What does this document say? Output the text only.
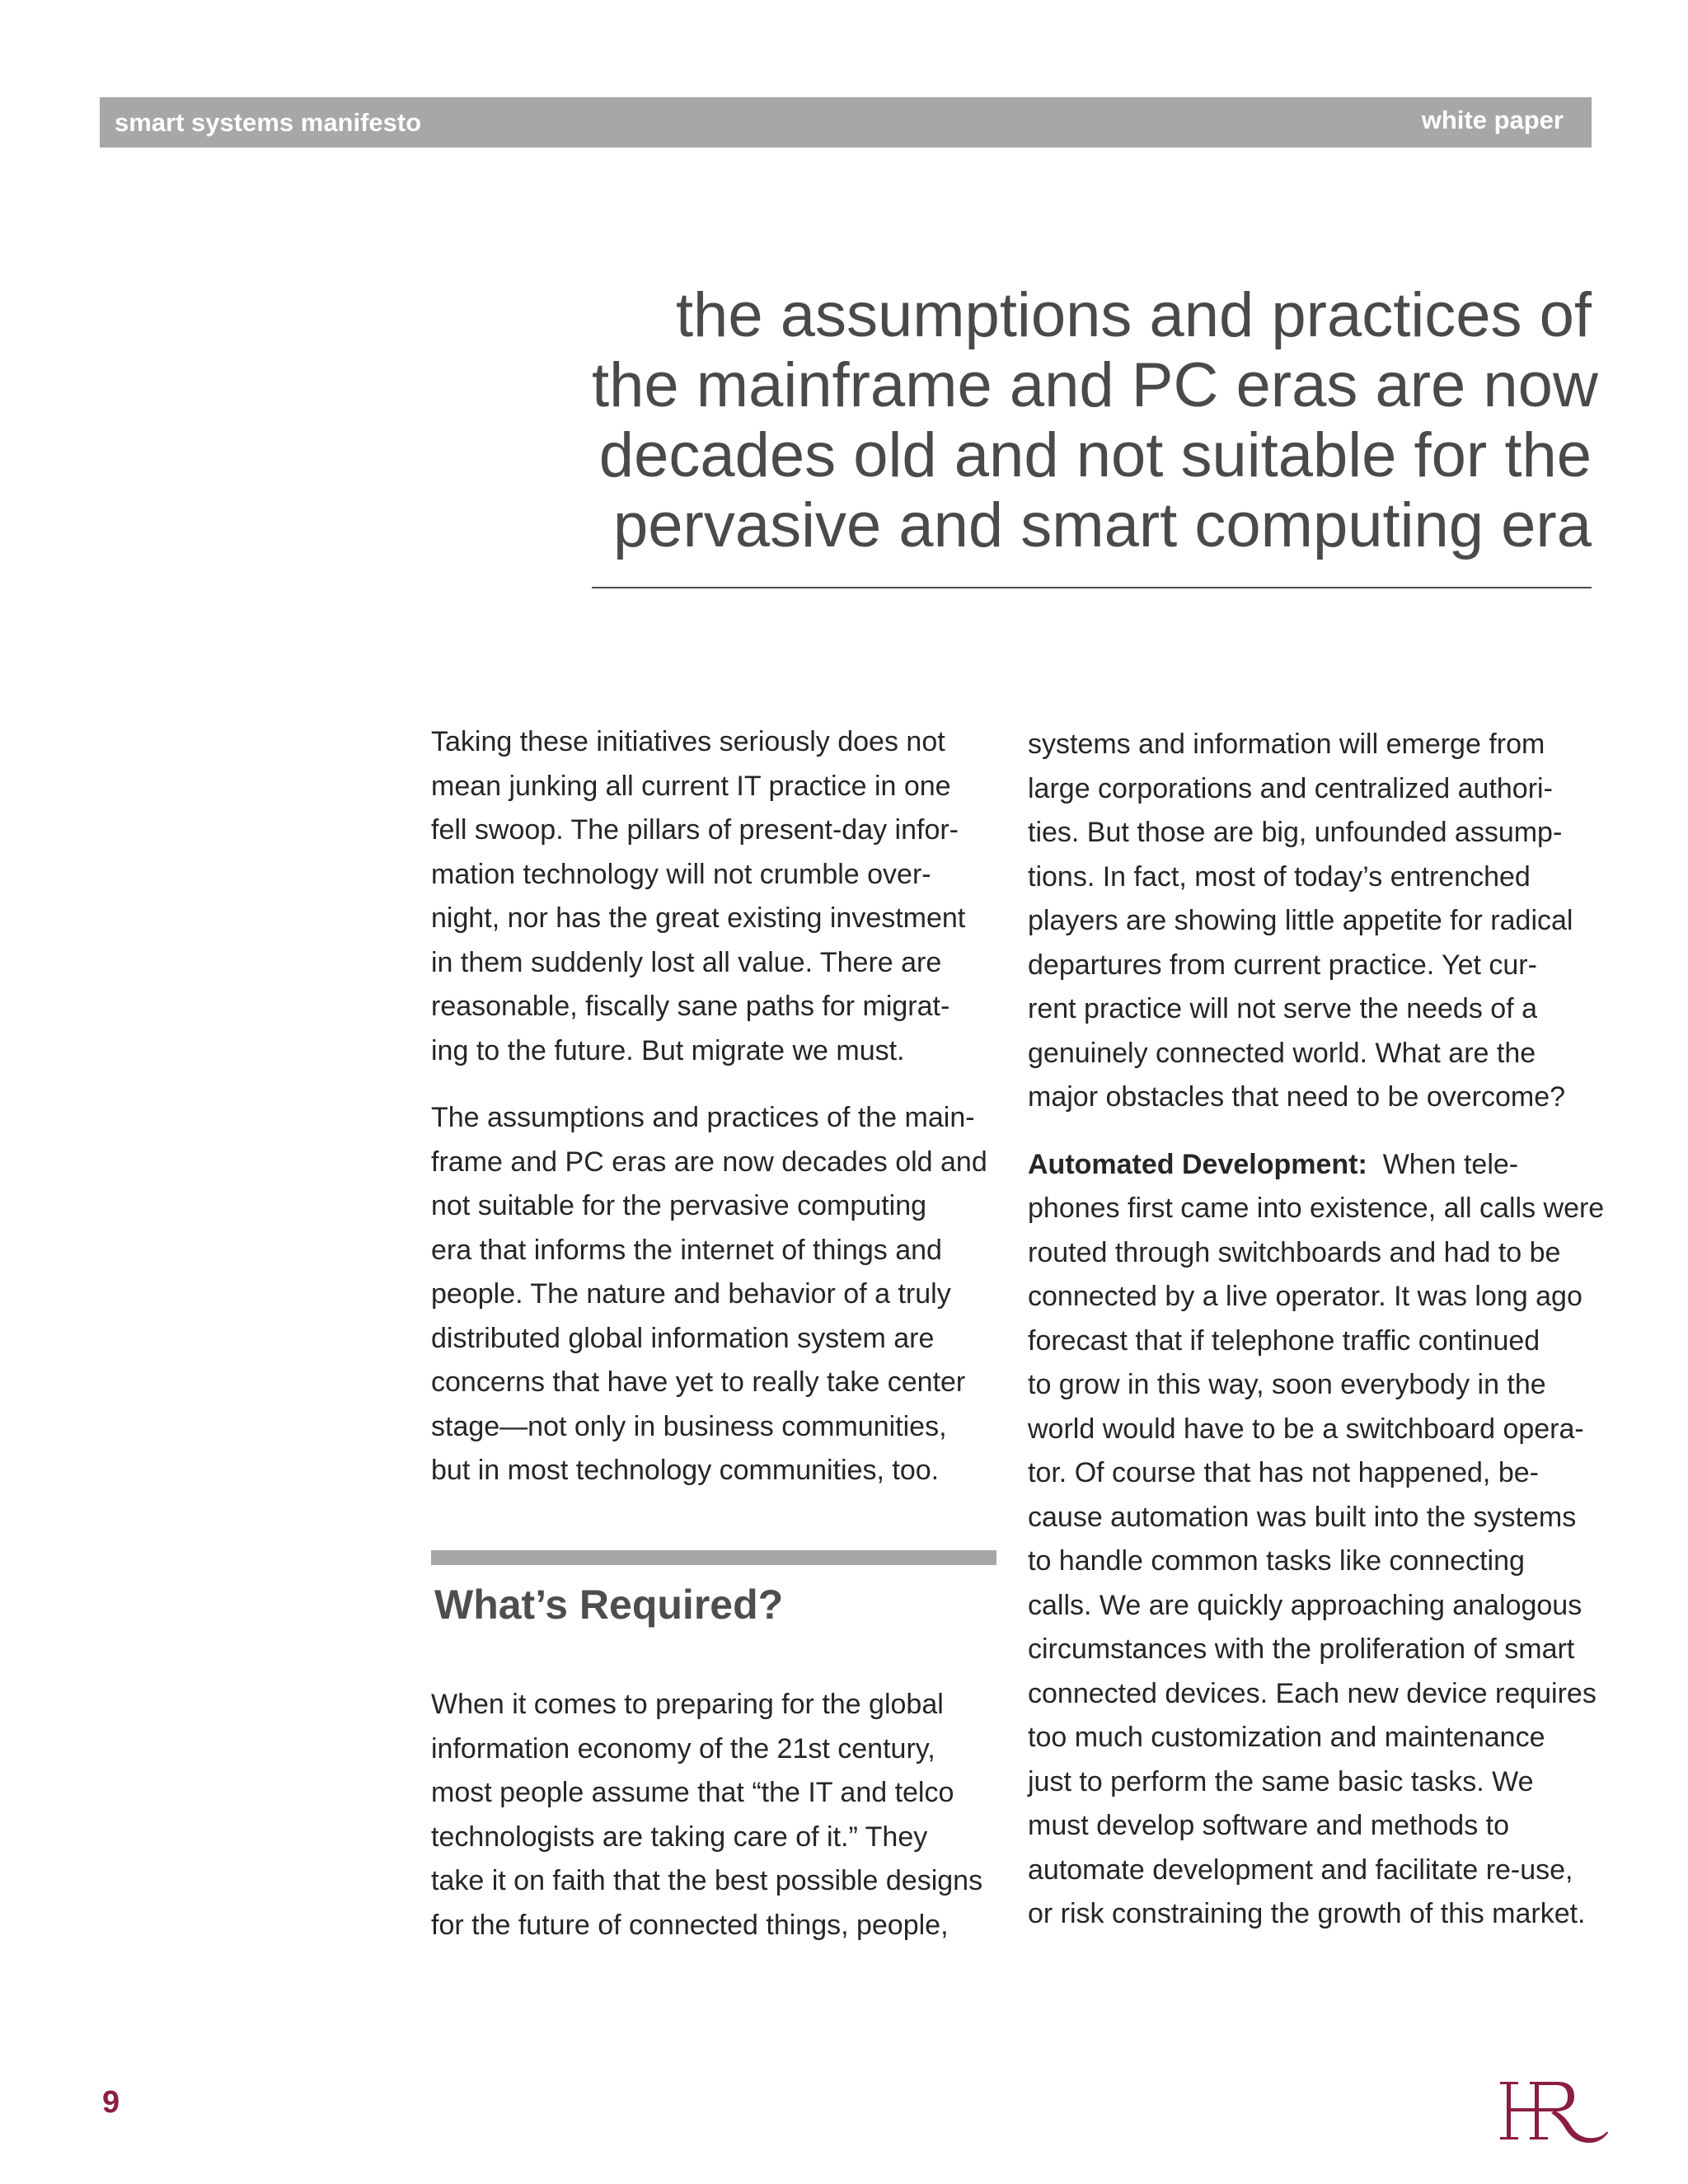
smart systems manifesto	white paper
the assumptions and practices of
the mainframe and PC eras are now
decades old and not suitable for the
pervasive and smart computing era
Taking these initiatives seriously does not
mean junking all current IT practice in one
fell swoop. The pillars of present-day infor-
mation technology will not crumble over-
night, nor has the great existing investment
in them suddenly lost all value. There are
reasonable, fiscally sane paths for migrat-
ing to the future. But migrate we must.
The assumptions and practices of the main-
frame and PC eras are now decades old and
not suitable for the pervasive computing
era that informs the internet of things and
people. The nature and behavior of a truly
distributed global information system are
concerns that have yet to really take center
stage—not only in business communities,
but in most technology communities, too.
What’s Required?
When it comes to preparing for the global
information economy of the 21st century,
most people assume that “the IT and telco
technologists are taking care of it.” They
take it on faith that the best possible designs
for the future of connected things, people,
systems and information will emerge from
large corporations and centralized authori-
ties. But those are big, unfounded assump-
tions. In fact, most of today’s entrenched
players are showing little appetite for radical
departures from current practice. Yet cur-
rent practice will not serve the needs of a
genuinely connected world. What are the
major obstacles that need to be overcome?
Automated Development:  When tele-
phones first came into existence, all calls were
routed through switchboards and had to be
connected by a live operator. It was long ago
forecast that if telephone traffic continued
to grow in this way, soon everybody in the
world would have to be a switchboard opera-
tor. Of course that has not happened, be-
cause automation was built into the systems
to handle common tasks like connecting
calls. We are quickly approaching analogous
circumstances with the proliferation of smart
connected devices. Each new device requires
too much customization and maintenance
just to perform the same basic tasks. We
must develop software and methods to
automate development and facilitate re-use,
or risk constraining the growth of this market.
9
